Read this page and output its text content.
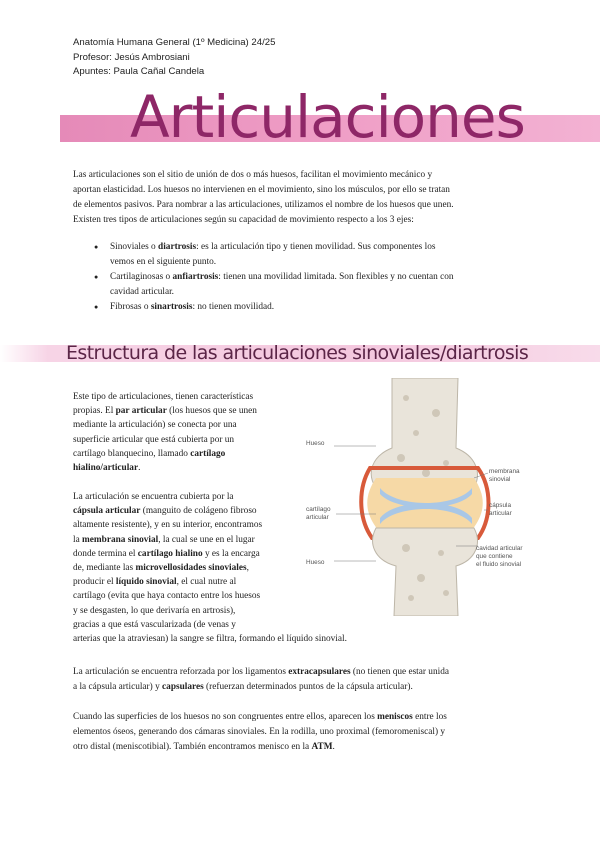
Anatomía Humana General (1º Medicina) 24/25
Profesor: Jesús Ambrosiani
Apuntes: Paula Cañal Candela
Articulaciones
Las articulaciones son el sitio de unión de dos o más huesos, facilitan el movimiento mecánico y
aportan elasticidad. Los huesos no intervienen en el movimiento, sino los músculos, por ello se tratan
de elementos pasivos. Para nombrar a las articulaciones, utilizamos el nombre de los huesos que unen.
Existen tres tipos de articulaciones según su capacidad de movimiento respecto a los 3 ejes:
● Sinoviales o diartrosis: es la articulación tipo y tienen movilidad. Sus componentes los
vemos en el siguiente punto.
● Cartilaginosas o anfiartrosis: tienen una movilidad limitada. Son flexibles y no cuentan con
cavidad articular.
● Fibrosas o sinartrosis: no tienen movilidad.
Estructura de las articulaciones sinoviales/diartrosis
Este tipo de articulaciones, tienen características
propias. El par articular (los huesos que se unen
mediante la articulación) se conecta por una
superficie articular que está cubierta por un
cartílago blanquecino, llamado cartílago
hialino/articular.
La articulación se encuentra cubierta por la
cápsula articular (manguito de colágeno fibroso
altamente resistente), y en su interior, encontramos
la membrana sinovial, la cual se une en el lugar
donde termina el cartílago hialino y es la encarga
de, mediante las microvellosidades sinoviales,
producir el líquido sinovial, el cual nutre al
cartílago (evita que haya contacto entre los huesos
y se desgasten, lo que derivaría en artrosis),
gracias a que está vascularizada (de venas y
arterias que la atraviesan) la sangre se filtra, formando el líquido sinovial.
La articulación se encuentra reforzada por los ligamentos extracapsulares (no tienen que estar unida
a la cápsula articular) y capsulares (refuerzan determinados puntos de la cápsula articular).
Cuando las superficies de los huesos no son congruentes entre ellos, aparecen los meniscos entre los
elementos óseos, generando dos cámaras sinoviales. En la rodilla, uno proximal (femoromeniscal) y
otro distal (meniscotibial). También encontramos menisco en la ATM.
Hueso
membrana
sinovial
cápsula
articular
cartílago
articular
cavidad articular
que contiene
el fluido sinovial
Hueso
